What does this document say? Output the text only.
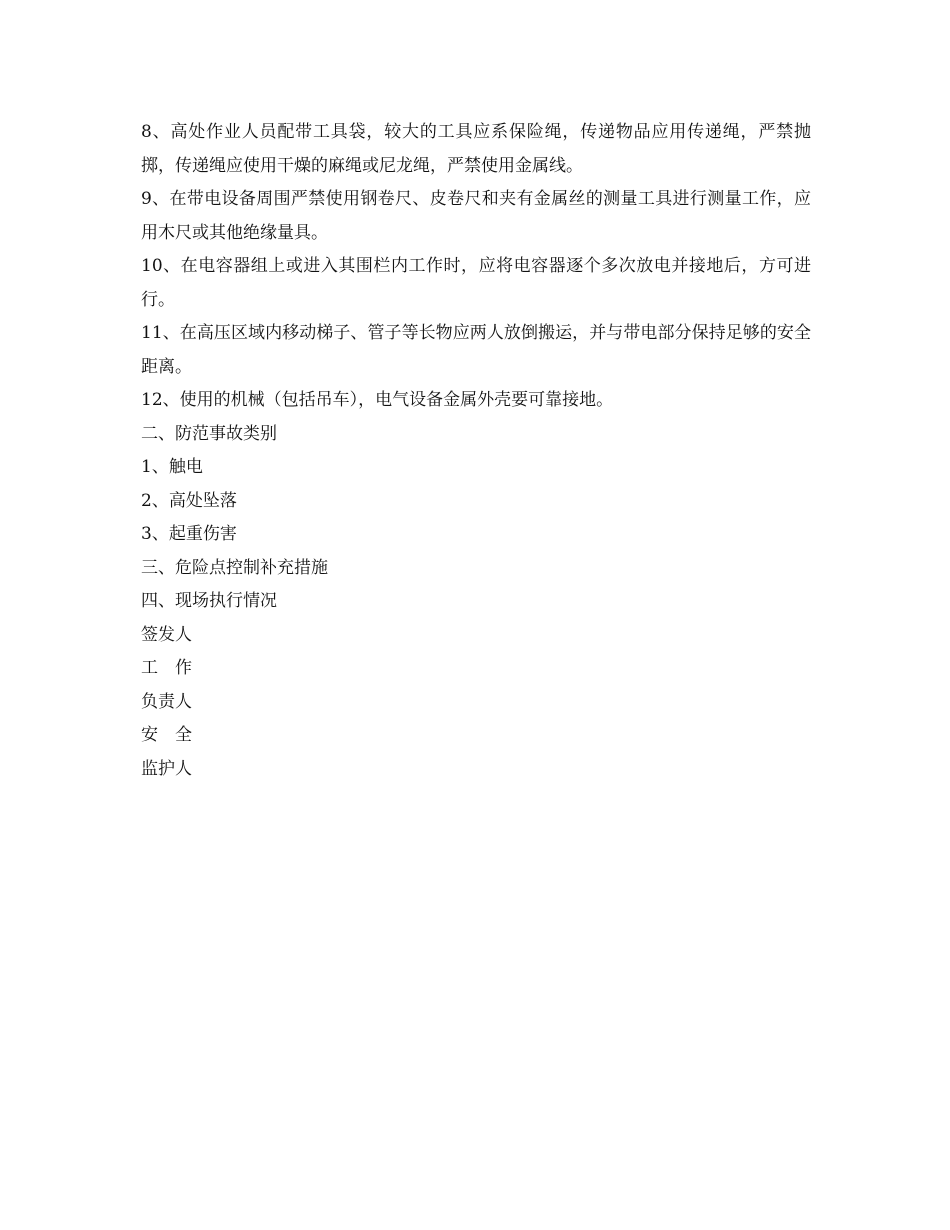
8、高处作业人员配带工具袋，较大的工具应系保险绳，传递物品应用传递绳，严禁抛掷，传递绳应使用干燥的麻绳或尼龙绳，严禁使用金属线。

9、在带电设备周围严禁使用钢卷尺、皮卷尺和夹有金属丝的测量工具进行测量工作，应用木尺或其他绝缘量具。

10、在电容器组上或进入其围栏内工作时，应将电容器逐个多次放电并接地后，方可进行。

11、在高压区域内移动梯子、管子等长物应两人放倒搬运，并与带电部分保持足够的安全距离。

12、使用的机械（包括吊车），电气设备金属外壳要可靠接地。

二、防范事故类别

1、触电

2、高处坠落

3、起重伤害

三、危险点控制补充措施

四、现场执行情况

签发人

工　作

负责人

安　全

监护人
